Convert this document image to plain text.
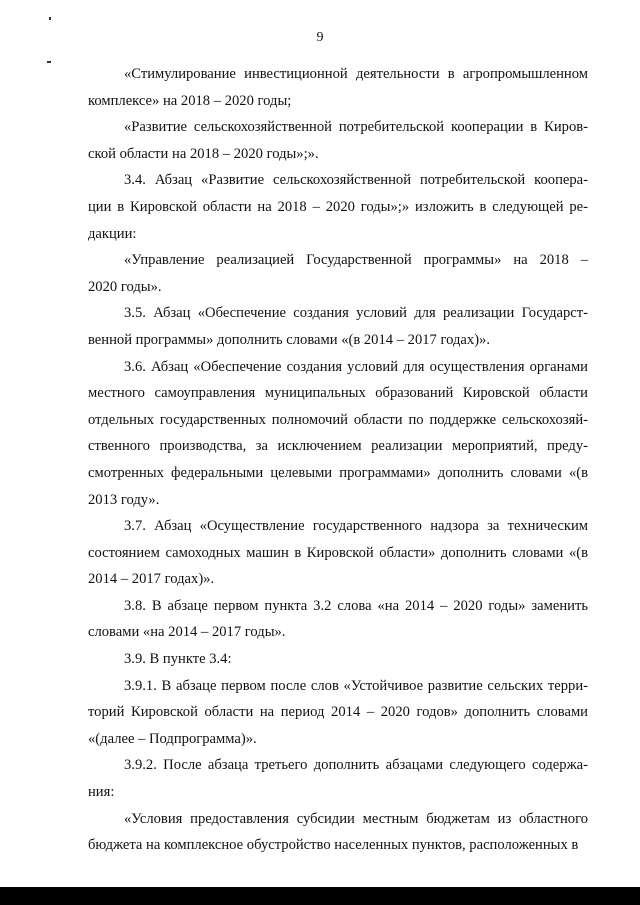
9

«Стимулирование инвестиционной деятельности в агропромышленном
комплексе» на 2018 – 2020 годы;

«Развитие сельскохозяйственной потребительской кооперации в Киров-
ской области на 2018 – 2020 годы»;».

3.4. Абзац «Развитие сельскохозяйственной потребительской коопера-
ции в Кировской области на 2018 – 2020 годы»;» изложить в следующей ре-
дакции:

«Управление реализацией Государственной программы» на 2018 –
2020 годы».

3.5. Абзац «Обеспечение создания условий для реализации Государст-
венной программы» дополнить словами «(в 2014 – 2017 годах)».

3.6. Абзац «Обеспечение создания условий для осуществления органами
местного самоуправления муниципальных образований Кировской области
отдельных государственных полномочий области по поддержке сельскохозяй-
ственного производства, за исключением реализации мероприятий, преду-
смотренных федеральными целевыми программами» дополнить словами «(в
2013 году».

3.7. Абзац «Осуществление государственного надзора за техническим
состоянием самоходных машин в Кировской области» дополнить словами «(в
2014 – 2017 годах)».

3.8. В абзаце первом пункта 3.2 слова «на 2014 – 2020 годы» заменить
словами «на 2014 – 2017 годы».

3.9. В пункте 3.4:

3.9.1. В абзаце первом после слов «Устойчивое развитие сельских терри-
торий Кировской области на период 2014 – 2020 годов» дополнить словами
«(далее – Подпрограмма)».

3.9.2. После абзаца третьего дополнить абзацами следующего содержа-
ния:

«Условия предоставления субсидии местным бюджетам из областного
бюджета на комплексное обустройство населенных пунктов, расположенных в
